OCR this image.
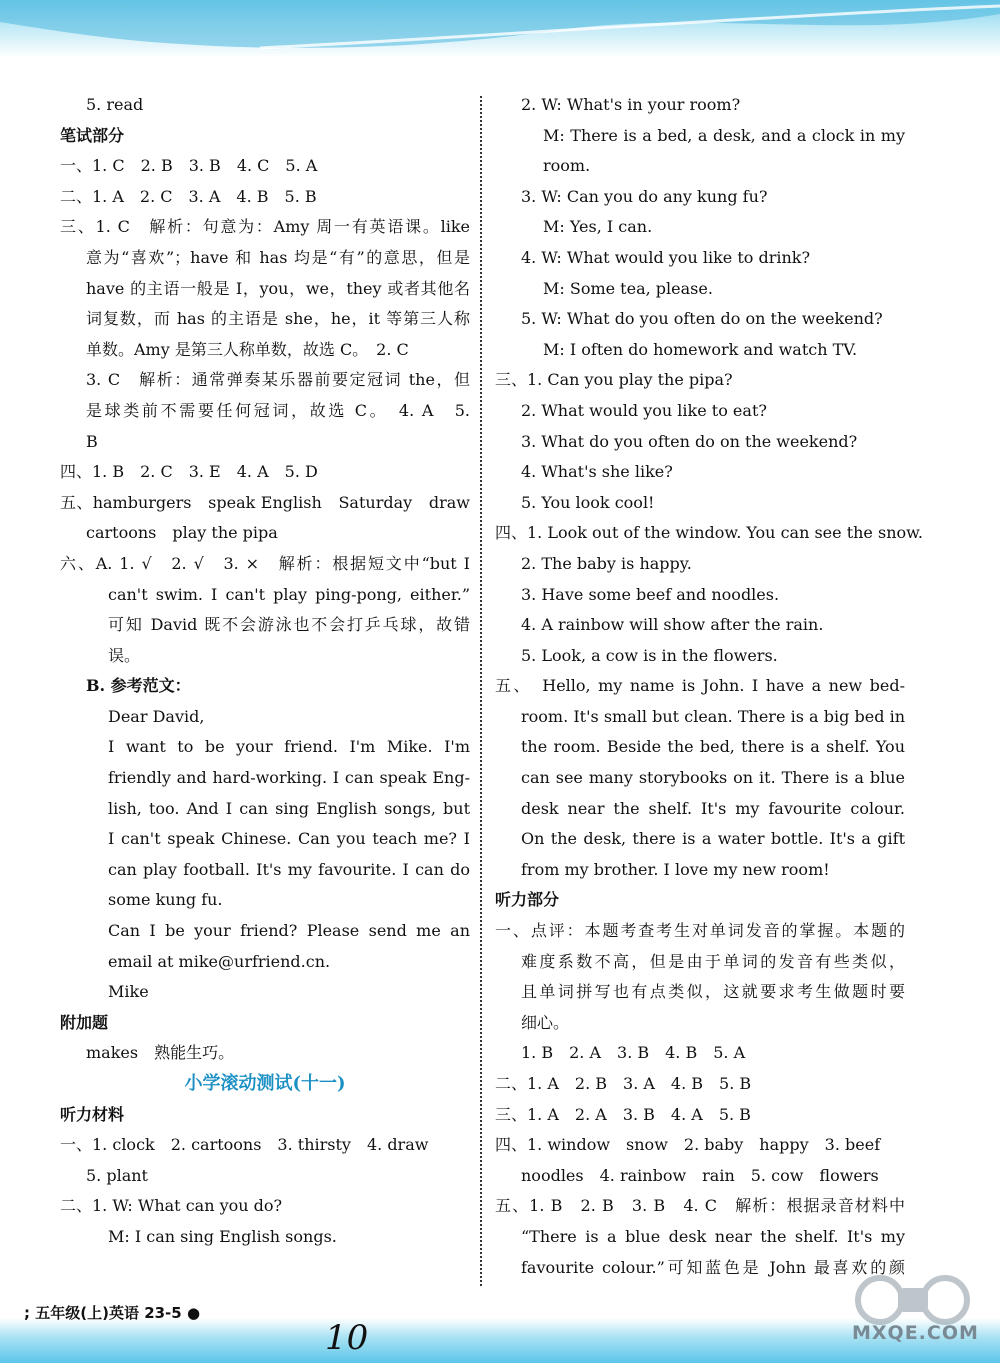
5. read
笔试部分
一、1. C　2. B　3. B　4. C　5. A
二、1. A　2. C　3. A　4. B　5. B
三、1. C　解析：句意为：Amy 周一有英语课。like
意为“喜欢”；have 和 has 均是“有”的意思，但是
have 的主语一般是 I，you，we，they 或者其他名
词复数，而 has 的主语是 she，he，it 等第三人称
单数。Amy 是第三人称单数，故选 C。　2. C
3. C　解析：通常弹奏某乐器前要定冠词 the，但
是球类前不需要任何冠词，故选 C。　4. A　5.
B
四、1. B　2. C　3. E　4. A　5. D
五、hamburgers　speak English　Saturday　draw
cartoons　play the pipa
六、A. 1. √　2. √　3. ×　解析：根据短文中“but I
can't swim. I can't play ping-pong, either.”
可知 David 既不会游泳也不会打乒乓球，故错
误。
B. 参考范文：
Dear David,
I want to be your friend. I'm Mike. I'm
friendly and hard-working. I can speak Eng-
lish, too. And I can sing English songs, but
I can't speak Chinese. Can you teach me? I
can play football. It's my favourite. I can do
some kung fu.
Can I be your friend? Please send me an
email at mike@urfriend.cn.
Mike
附加题
makes　熟能生巧。
小学滚动测试(十一)
听力材料
一、1. clock　2. cartoons　3. thirsty　4. draw
5. plant
二、1. W: What can you do?
M: I can sing English songs.
2. W: What's in your room?
M: There is a bed, a desk, and a clock in my
room.
3. W: Can you do any kung fu?
M: Yes, I can.
4. W: What would you like to drink?
M: Some tea, please.
5. W: What do you often do on the weekend?
M: I often do homework and watch TV.
三、1. Can you play the pipa?
2. What would you like to eat?
3. What do you often do on the weekend?
4. What's she like?
5. You look cool!
四、1. Look out of the window. You can see the snow.
2. The baby is happy.
3. Have some beef and noodles.
4. A rainbow will show after the rain.
5. Look, a cow is in the flowers.
五、　Hello, my name is John. I have a new bed-
room. It's small but clean. There is a big bed in
the room. Beside the bed, there is a shelf. You
can see many storybooks on it. There is a blue
desk near the shelf. It's my favourite colour.
On the desk, there is a water bottle. It's a gift
from my brother. I love my new room!
听力部分
一、点评：本题考查考生对单词发音的掌握。本题的
难度系数不高，但是由于单词的发音有些类似，
且单词拼写也有点类似，这就要求考生做题时要
细心。
1. B　2. A　3. B　4. B　5. A
二、1. A　2. B　3. A　4. B　5. B
三、1. A　2. A　3. B　4. A　5. B
四、1. window　snow　2. baby　happy　3. beef
noodles　4. rainbow　rain　5. cow　flowers
五、1. B　2. B　3. B　4. C　解析：根据录音材料中
“There is a blue desk near the shelf. It's my
favourite colour.”可知蓝色是 John 最喜欢的颜
; 五年级(上)英语 23-5 ●
10	MXQE.COM
